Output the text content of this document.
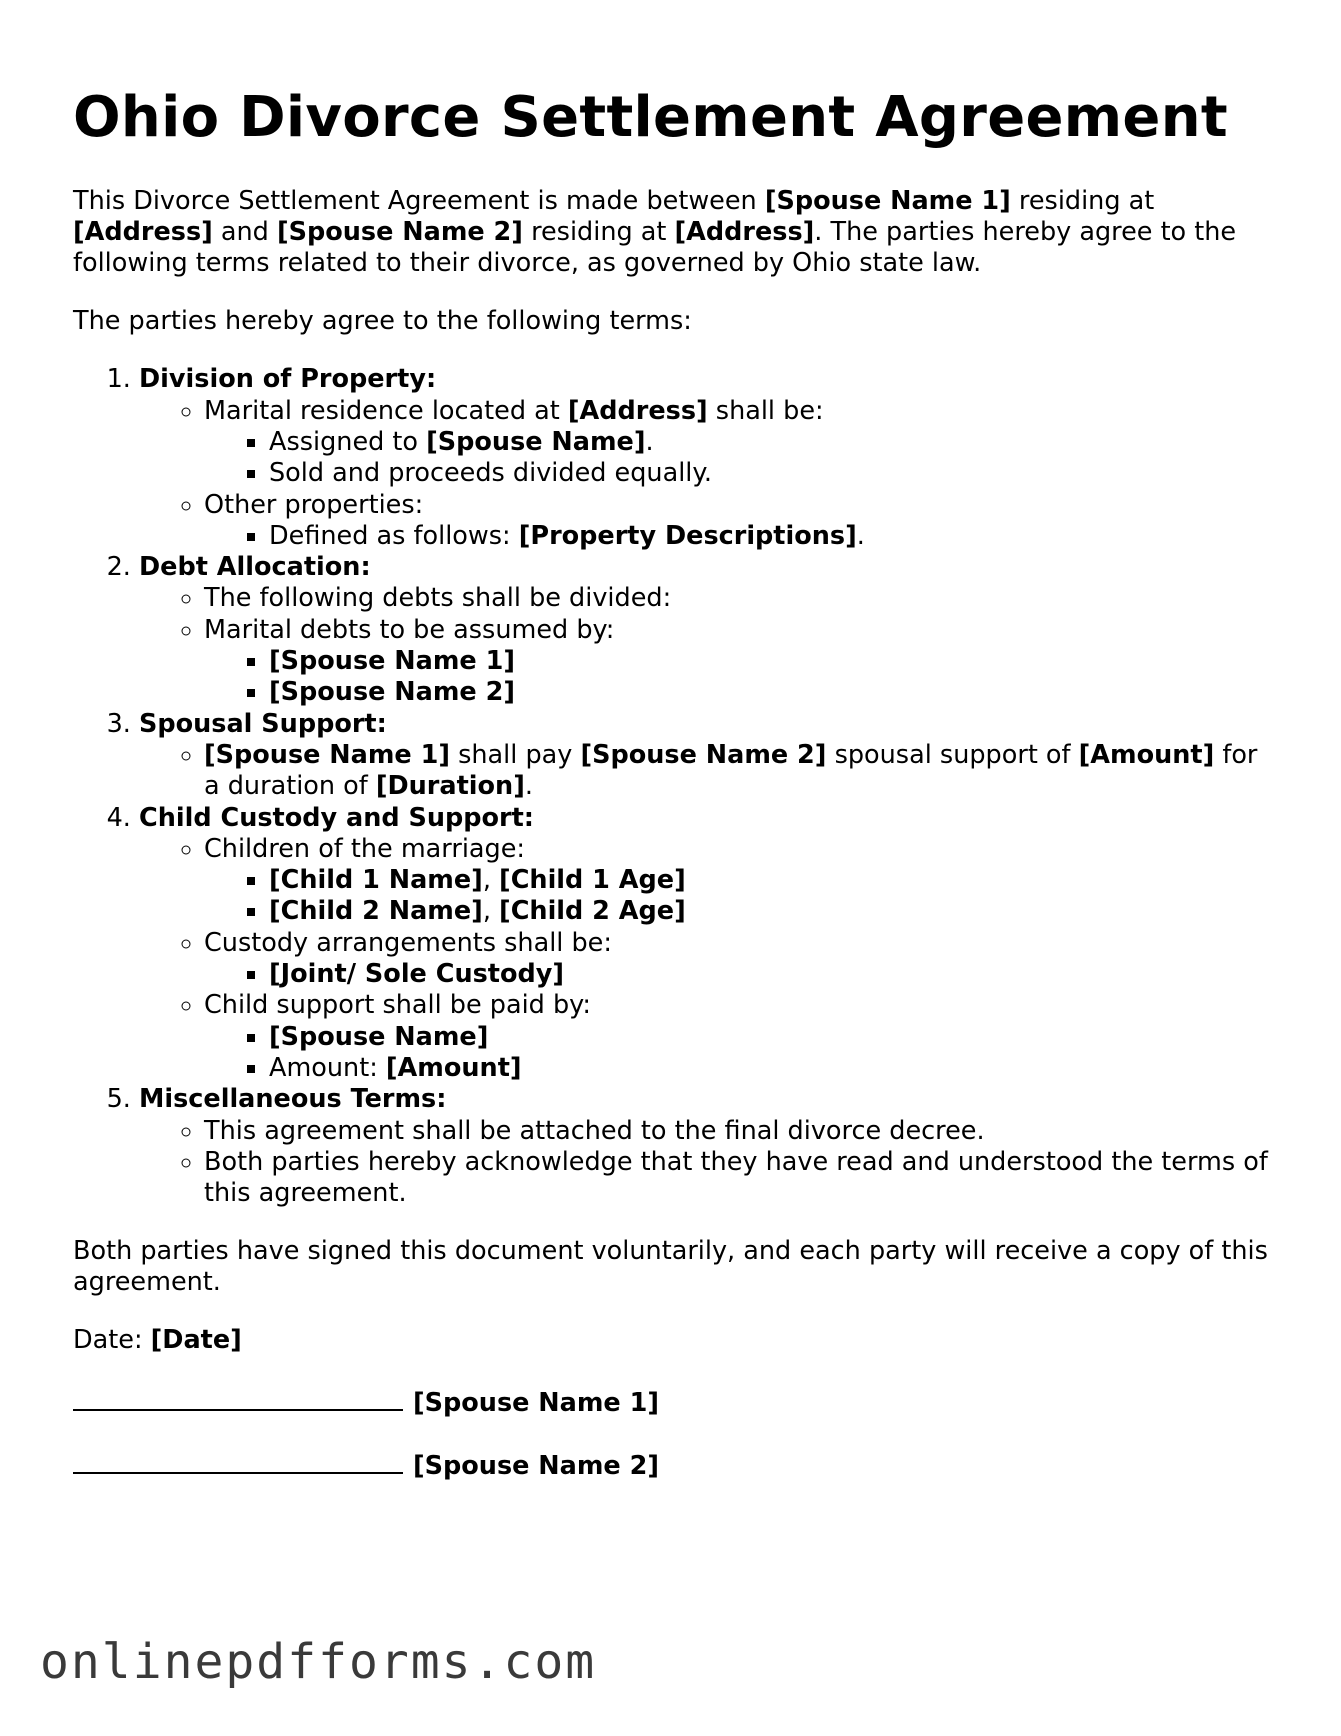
Ohio Divorce Settlement Agreement

This Divorce Settlement Agreement is made between [Spouse Name 1] residing at [Address] and [Spouse Name 2] residing at [Address]. The parties hereby agree to the following terms related to their divorce, as governed by Ohio state law.

The parties hereby agree to the following terms:

1. Division of Property:
◦ Marital residence located at [Address] shall be:
▪ Assigned to [Spouse Name].
▪ Sold and proceeds divided equally.
◦ Other properties:
▪ Defined as follows: [Property Descriptions].
2. Debt Allocation:
◦ The following debts shall be divided:
◦ Marital debts to be assumed by:
▪ [Spouse Name 1]
▪ [Spouse Name 2]
3. Spousal Support:
◦ [Spouse Name 1] shall pay [Spouse Name 2] spousal support of [Amount] for a duration of [Duration].
4. Child Custody and Support:
◦ Children of the marriage:
▪ [Child 1 Name], [Child 1 Age]
▪ [Child 2 Name], [Child 2 Age]
◦ Custody arrangements shall be:
▪ [Joint/ Sole Custody]
◦ Child support shall be paid by:
▪ [Spouse Name]
▪ Amount: [Amount]
5. Miscellaneous Terms:
◦ This agreement shall be attached to the final divorce decree.
◦ Both parties hereby acknowledge that they have read and understood the terms of this agreement.

Both parties have signed this document voluntarily, and each party will receive a copy of this agreement.

Date: [Date]

[Spouse Name 1]
[Spouse Name 2]
onlinepdfforms.com
